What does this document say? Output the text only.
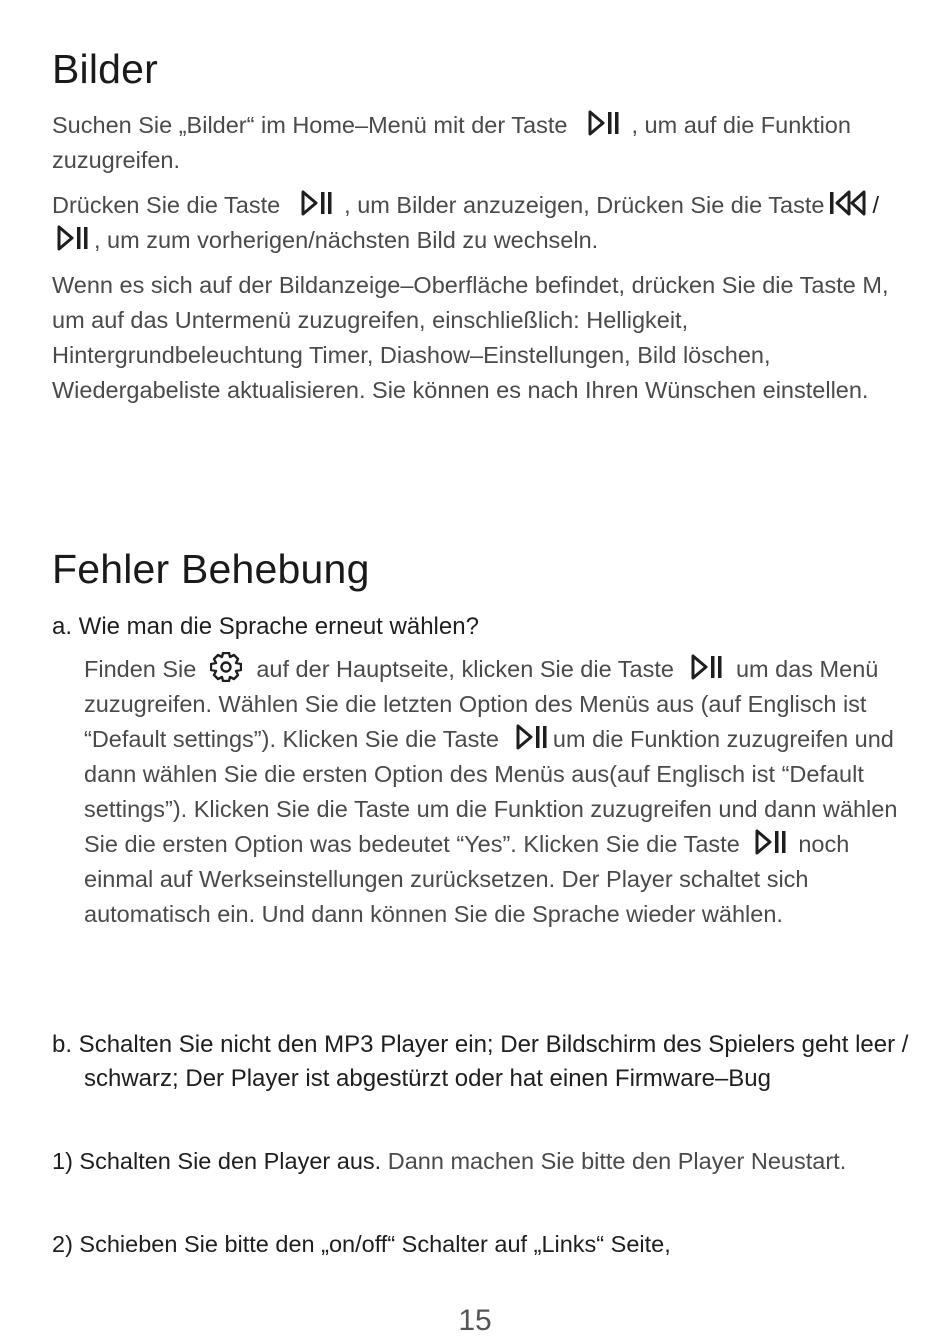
Bilder

Suchen Sie „Bilder“ im Home–Menü mit der Taste	, um auf die Funktion zuzugreifen.

Drücken Sie die Taste	, um Bilder anzuzeigen, Drücken Sie die Taste /
, um zum vorherigen/nächsten Bild zu wechseln.

Wenn es sich auf der Bildanzeige–Oberfläche befindet, drücken Sie die Taste M, um auf das Untermenü zuzugreifen, einschließlich: Helligkeit, Hintergrundbeleuchtung Timer, Diashow–Einstellungen, Bild löschen, Wiedergabeliste aktualisieren. Sie können es nach Ihren Wünschen einstellen.

Fehler Behebung

a. Wie man die Sprache erneut wählen?

Finden Sie	auf der Hauptseite, klicken Sie die Taste	um das Menü zuzugreifen. Wählen Sie die letzten Option des Menüs aus (auf Englisch ist “Default settings”). Klicken Sie die Taste um die Funktion zuzugreifen und dann wählen Sie die ersten Option des Menüs aus(auf Englisch ist “Default settings”). Klicken Sie die Taste um die Funktion zuzugreifen und dann wählen Sie die ersten Option was bedeutet “Yes”. Klicken Sie die Taste noch einmal auf Werkseinstellungen zurücksetzen. Der Player schaltet sich automatisch ein. Und dann können Sie die Sprache wieder wählen.

b. Schalten Sie nicht den MP3 Player ein; Der Bildschirm des Spielers geht leer / schwarz; Der Player ist abgestürzt oder hat einen Firmware–Bug

1) Schalten Sie den Player aus. Dann machen Sie bitte den Player Neustart.

2) Schieben Sie bitte den „on/off“ Schalter auf „Links“ Seite,

15
